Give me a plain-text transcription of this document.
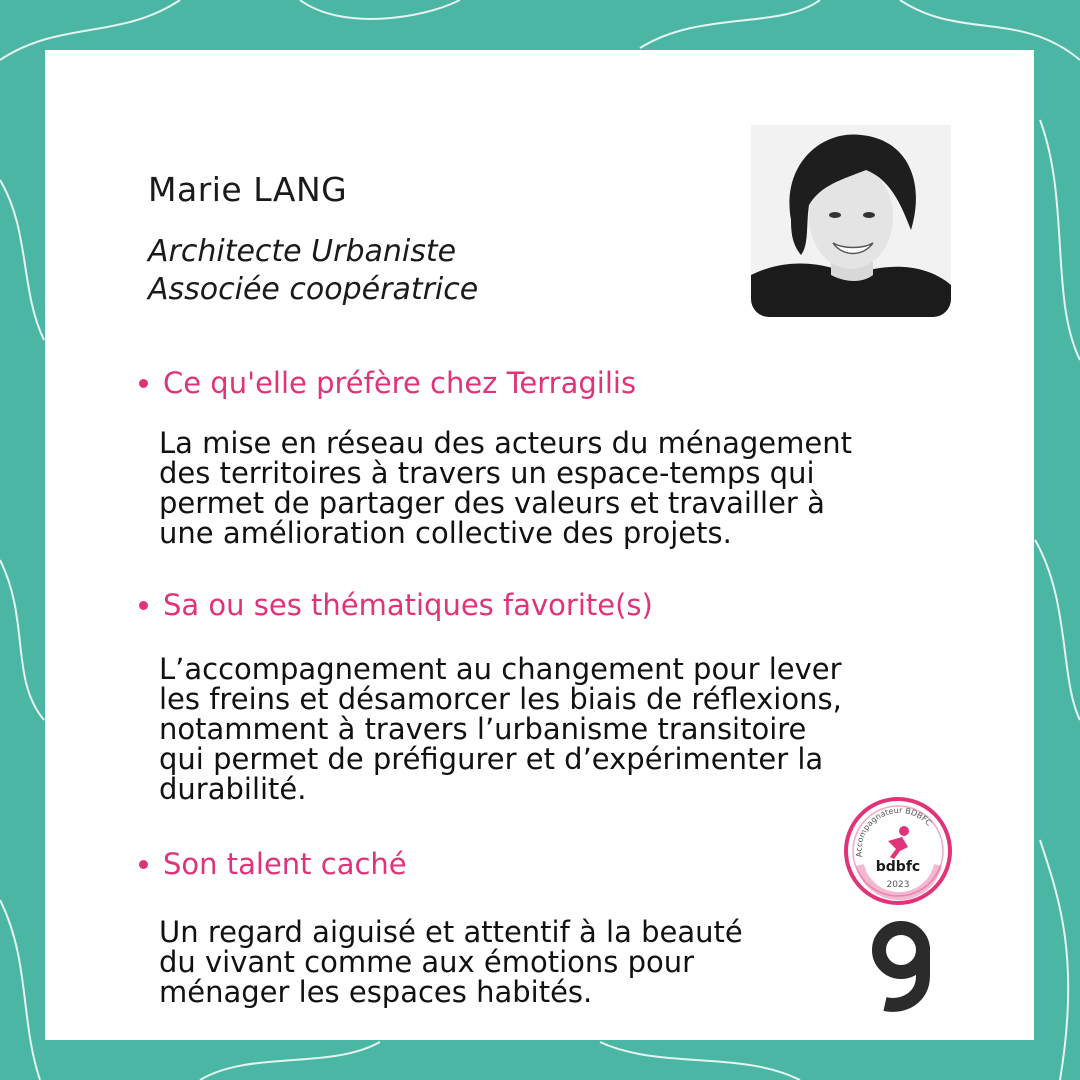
Marie LANG
Architecte Urbaniste
Associée coopératrice
Ce qu'elle préfère chez Terragilis
La mise en réseau des acteurs du ménagement
des territoires à travers un espace-temps qui
permet de partager des valeurs et travailler à
une amélioration collective des projets.
Sa ou ses thématiques favorite(s)
L’accompagnement au changement pour lever
les freins et désamorcer les biais de réflexions,
notamment à travers l’urbanisme transitoire
qui permet de préfigurer et d’expérimenter la
durabilité.
Son talent caché
Un regard aiguisé et attentif à la beauté
du vivant comme aux émotions pour
ménager les espaces habités.
Accompagnateur BDBFC
bdbfc
2023
